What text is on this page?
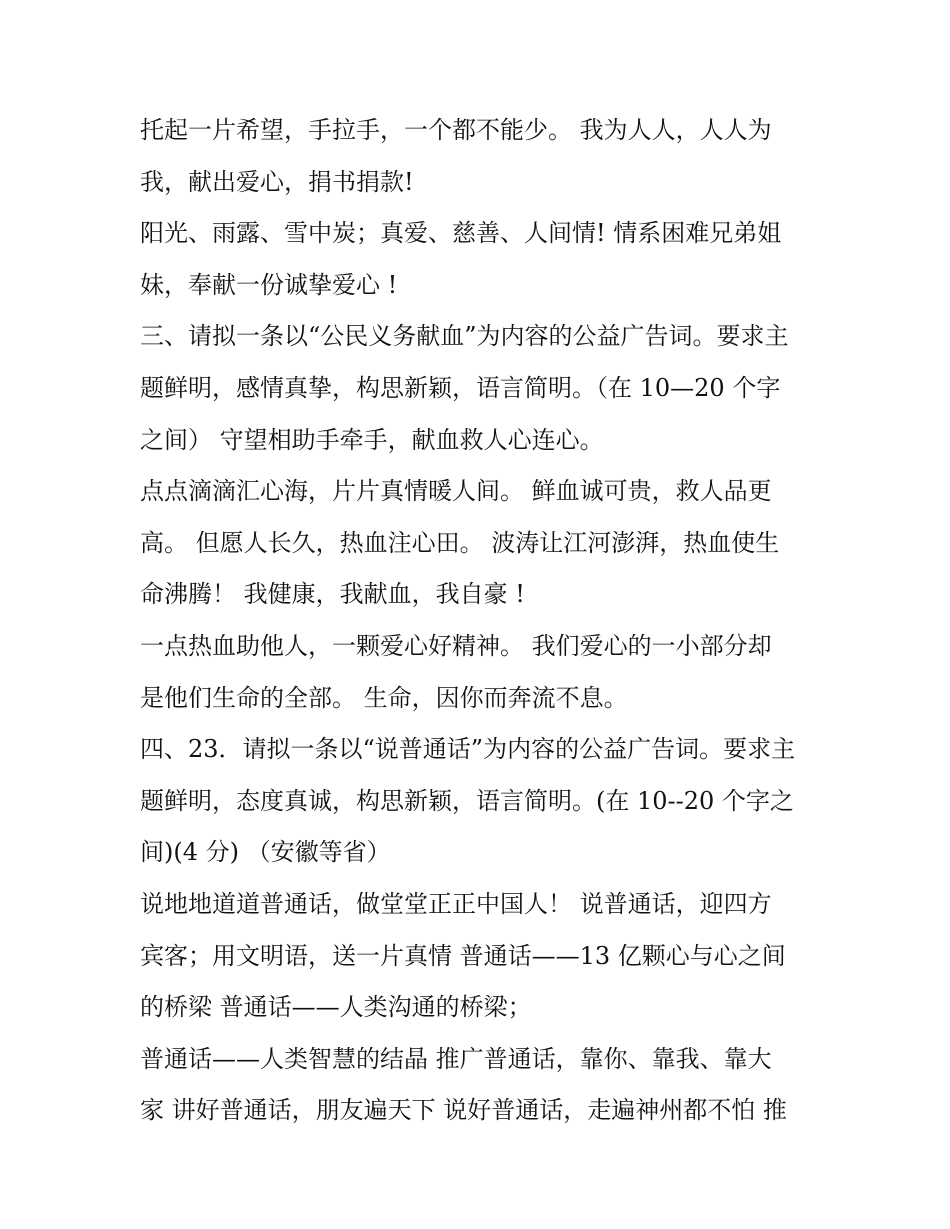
托起一片希望，手拉手，一个都不能少。 我为人人，人人为
我，献出爱心，捐书捐款!
阳光、雨露、雪中炭；真爱、慈善、人间情! 情系困难兄弟姐
妹，奉献一份诚挚爱心 !
三、请拟一条以“公民义务献血”为内容的公益广告词。要求主
题鲜明，感情真挚，构思新颖，语言简明。（在 10—20 个字
之间） 守望相助手牵手，献血救人心连心。
点点滴滴汇心海，片片真情暖人间。 鲜血诚可贵，救人品更
高。 但愿人长久，热血注心田。 波涛让江河澎湃，热血使生
命沸腾！ 我健康，我献血，我自豪 !
一点热血助他人，一颗爱心好精神。 我们爱心的一小部分却
是他们生命的全部。 生命，因你而奔流不息。
四、23．请拟一条以“说普通话”为内容的公益广告词。要求主
题鲜明，态度真诚，构思新颖，语言简明。(在 10--20 个字之
间)(4 分) （安徽等省）
说地地道道普通话，做堂堂正正中国人！ 说普通话，迎四方
宾客；用文明语，送一片真情 普通话——13 亿颗心与心之间
的桥梁 普通话——人类沟通的桥梁；
普通话——人类智慧的结晶 推广普通话，靠你、靠我、靠大
家 讲好普通话，朋友遍天下 说好普通话，走遍神州都不怕 推
